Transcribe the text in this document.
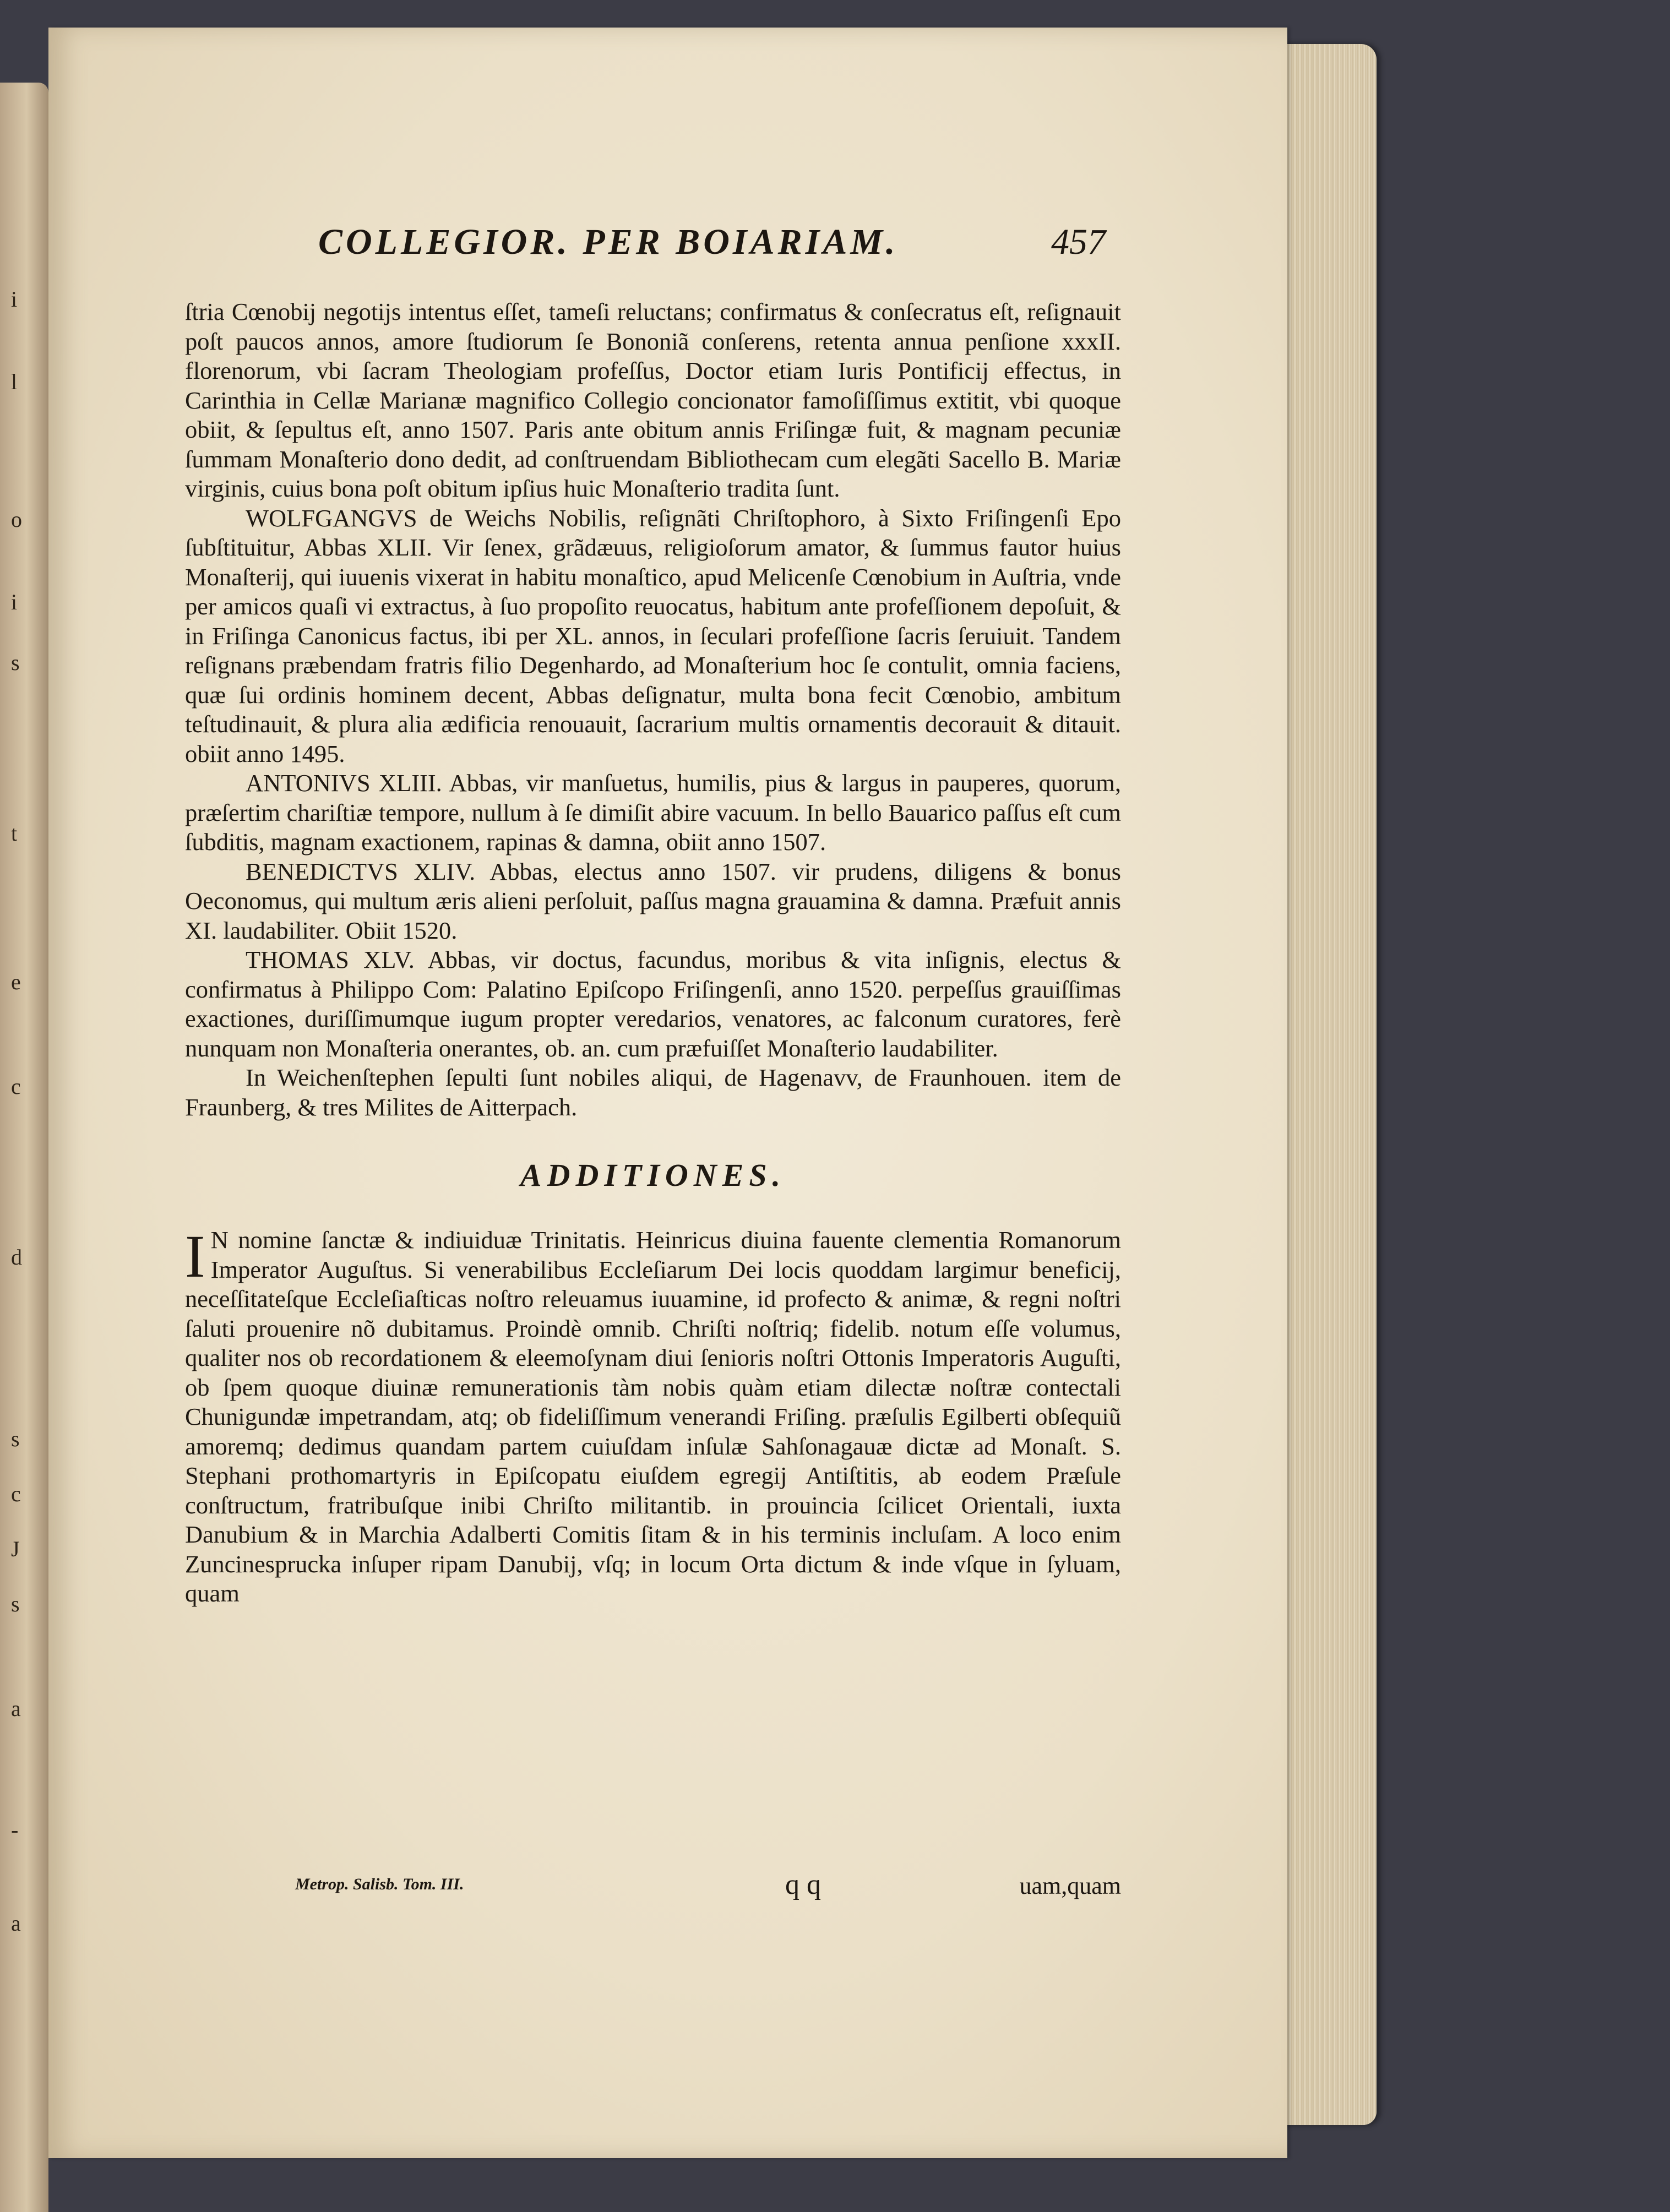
i
l
o
i
s
t
e
c
d
s
c
J
s
a
-
a
COLLEGIOR. PER BOIARIAM.	457

ſtria Cœnobij negotijs intentus eſſet, tameſi reluctans; confirmatus & conſecratus eſt, reſignauit poſt paucos annos, amore ſtudiorum ſe Bononiã conſerens, retenta annua penſione xxxII. florenorum, vbi ſacram Theologiam profeſſus, Doctor etiam Iuris Pontificij effectus, in Carinthia in Cellæ Marianæ magnifico Collegio concionator famoſiſſimus extitit, vbi quoque obiit, & ſepultus eſt, anno 1507. Paris ante obitum annis Friſingæ fuit, & magnam pecuniæ ſummam Monaſterio dono dedit, ad conſtruendam Bibliothecam cum elegãti Sacello B. Mariæ virginis, cuius bona poſt obitum ipſius huic Monaſterio tradita ſunt.

WOLFGANGVS de Weichs Nobilis, reſignãti Chriſtophoro, à Sixto Friſingenſi Epo ſubſtituitur, Abbas XLII. Vir ſenex, grãdæuus, religioſorum amator, & ſummus fautor huius Monaſterij, qui iuuenis vixerat in habitu monaſtico, apud Melicenſe Cœnobium in Auſtria, vnde per amicos quaſi vi extractus, à ſuo propoſito reuocatus, habitum ante profeſſionem depoſuit, & in Friſinga Canonicus factus, ibi per XL. annos, in ſeculari profeſſione ſacris ſeruiuit. Tandem reſignans præbendam fratris filio Degenhardo, ad Monaſterium hoc ſe contulit, omnia faciens, quæ ſui ordinis hominem decent, Abbas deſignatur, multa bona fecit Cœnobio, ambitum teſtudinauit, & plura alia ædificia renouauit, ſacrarium multis ornamentis decorauit & ditauit. obiit anno 1495.

ANTONIVS XLIII. Abbas, vir manſuetus, humilis, pius & largus in pauperes, quorum, præſertim chariſtiæ tempore, nullum à ſe dimiſit abire vacuum. In bello Bauarico paſſus eſt cum ſubditis, magnam exactionem, rapinas & damna, obiit anno 1507.

BENEDICTVS XLIV. Abbas, electus anno 1507. vir prudens, diligens & bonus Oeconomus, qui multum æris alieni perſoluit, paſſus magna grauamina & damna. Præfuit annis XI. laudabiliter. Obiit 1520.

THOMAS XLV. Abbas, vir doctus, facundus, moribus & vita inſignis, electus & confirmatus à Philippo Com: Palatino Epiſcopo Friſingenſi, anno 1520. perpeſſus grauiſſimas exactiones, duriſſimumque iugum propter veredarios, venatores, ac falconum curatores, ferè nunquam non Monaſteria onerantes, ob. an. cum præfuiſſet Monaſterio laudabiliter.

In Weichenſtephen ſepulti ſunt nobiles aliqui, de Hagenavv, de Fraunhouen. item de Fraunberg, & tres Milites de Aitterpach.

ADDITIONES.

I N nomine ſanctæ & indiuiduæ Trinitatis. Heinricus diuina fauente clementia Romanorum Imperator Auguſtus. Si venerabilibus Eccleſiarum Dei locis quoddam largimur beneficij, neceſſitateſque Eccleſiaſticas noſtro releuamus iuuamine, id profecto & animæ, & regni noſtri ſaluti prouenire nõ dubitamus. Proindè omnib. Chriſti noſtriq; fidelib. notum eſſe volumus, qualiter nos ob recordationem & eleemoſynam diui ſenioris noſtri Ottonis Imperatoris Auguſti, ob ſpem quoque diuinæ remunerationis tàm nobis quàm etiam dilectæ noſtræ contectali Chunigundæ impetrandam, atq; ob fideliſſimum venerandi Friſing. præſulis Egilberti obſequiũ amoremq; dedimus quandam partem cuiuſdam inſulæ Sahſonagauæ dictæ ad Monaſt. S. Stephani prothomartyris in Epiſcopatu eiuſdem egregij Antiſtitis, ab eodem Præſule conſtructum, fratribuſque inibi Chriſto militantib. in prouincia ſcilicet Orientali, iuxta Danubium & in Marchia Adalberti Comitis ſitam & in his terminis incluſam. A loco enim Zuncinesprucka inſuper ripam Danubij, vſq; in locum Orta dictum & inde vſque in ſyluam, quam

Metrop. Salisb. Tom. III.	q q	uam,quam
